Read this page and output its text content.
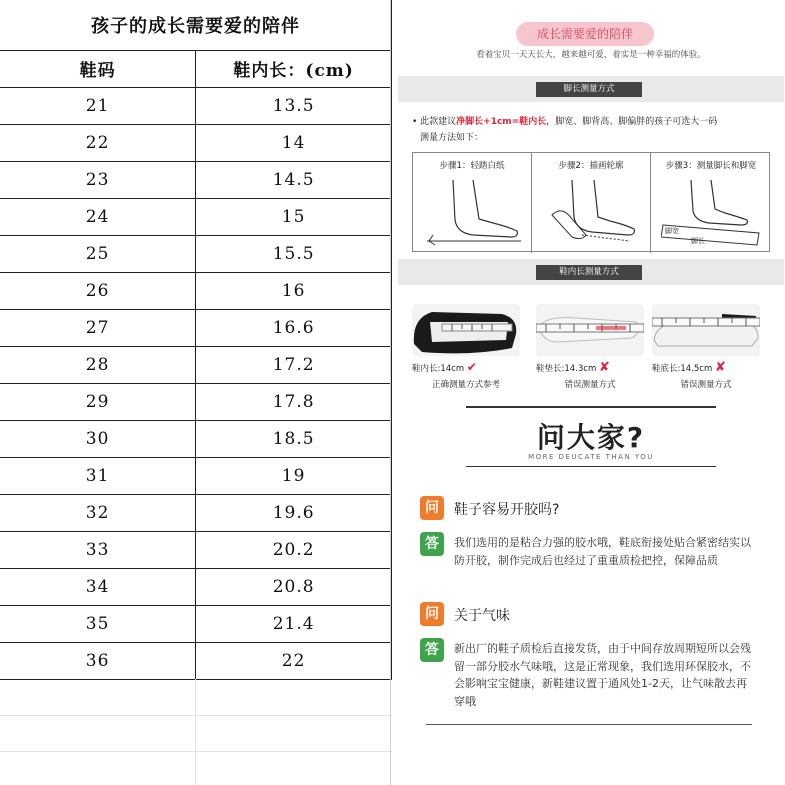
孩子的成长需要爱的陪伴	
鞋码	鞋内长：(cm)
21	13.5
22	14
23	14.5
24	15
25	15.5
26	16
27	16.6
28	17.2
29	17.8
30	18.5
31	19
32	19.6
33	20.2
34	20.8
35	21.4
36	22
成长需要爱的陪伴
看着宝贝一天天长大，越来越可爱，着实是一种幸福的体验。
脚长测量方式
• 此款建议净脚长+1cm=鞋内长，脚宽、脚背高、脚偏胖的孩子可选大一码
测量方法如下：
步骤1：轻踏白纸	步骤2：描画轮廓	步骤3：测量脚长和脚宽
脚宽
脚长
鞋内长测量方式
鞋内长:14cm ✔
正确测量方式参考
鞋垫长:14.3cm ✘
错误测量方式
鞋底长:14.5cm ✘
错误测量方式
问大家?
MORE DEUCATE THAN YOU
问	鞋子容易开胶吗?
答	我们选用的是粘合力强的胶水哦，鞋底衔接处贴合紧密结实以防开胶，制作完成后也经过了重重质检把控，保障品质
问	关于气味
答	新出厂的鞋子质检后直接发货，由于中间存放周期短所以会残留一部分胶水气味哦，这是正常现象，我们选用环保胶水，不会影响宝宝健康，新鞋建议置于通风处1-2天，让气味散去再穿哦
